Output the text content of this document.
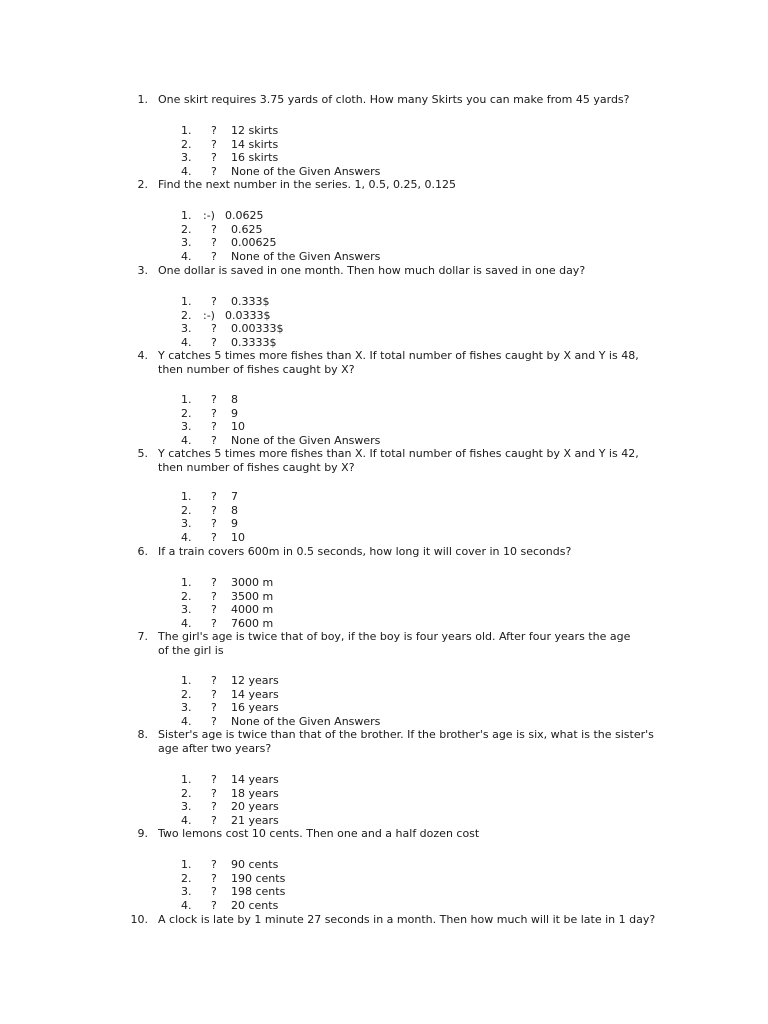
1. One skirt requires 3.75 yards of cloth. How many Skirts you can make from 45 yards?
1. ? 12 skirts
2. ? 14 skirts
3. ? 16 skirts
4. ? None of the Given Answers
2. Find the next number in the series. 1, 0.5, 0.25, 0.125
1. :-) 0.0625
2. ? 0.625
3. ? 0.00625
4. ? None of the Given Answers
3. One dollar is saved in one month. Then how much dollar is saved in one day?
1. ? 0.333$
2. :-) 0.0333$
3. ? 0.00333$
4. ? 0.3333$
4. Y catches 5 times more fishes than X. If total number of fishes caught by X and Y is 48,
then number of fishes caught by X?
1. ? 8
2. ? 9
3. ? 10
4. ? None of the Given Answers
5. Y catches 5 times more fishes than X. If total number of fishes caught by X and Y is 42,
then number of fishes caught by X?
1. ? 7
2. ? 8
3. ? 9
4. ? 10
6. If a train covers 600m in 0.5 seconds, how long it will cover in 10 seconds?
1. ? 3000 m
2. ? 3500 m
3. ? 4000 m
4. ? 7600 m
7. The girl's age is twice that of boy, if the boy is four years old. After four years the age
of the girl is
1. ? 12 years
2. ? 14 years
3. ? 16 years
4. ? None of the Given Answers
8. Sister's age is twice than that of the brother. If the brother's age is six, what is the sister's
age after two years?
1. ? 14 years
2. ? 18 years
3. ? 20 years
4. ? 21 years
9. Two lemons cost 10 cents. Then one and a half dozen cost
1. ? 90 cents
2. ? 190 cents
3. ? 198 cents
4. ? 20 cents
10. A clock is late by 1 minute 27 seconds in a month. Then how much will it be late in 1 day?
